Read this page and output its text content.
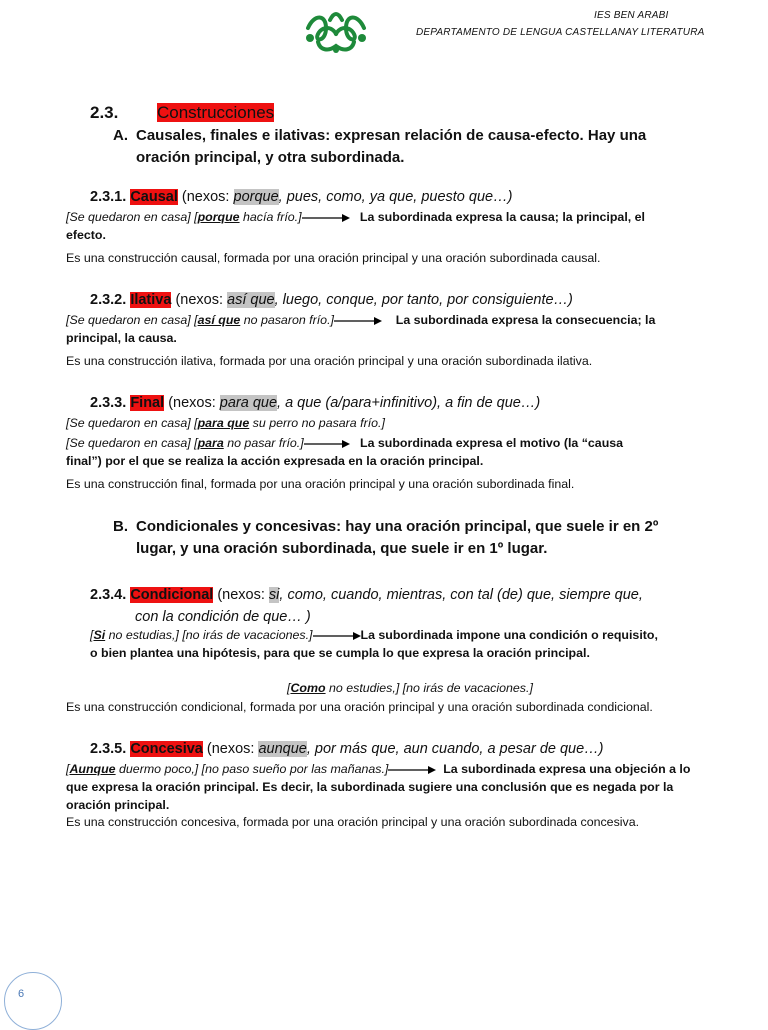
IES BEN ARABI
DEPARTAMENTO DE LENGUA CASTELLANAY LITERATURA
2.3. Construcciones
A. Causales, finales e ilativas: expresan relación de causa-efecto. Hay una
oración principal, y otra subordinada.
2.3.1. Causal (nexos: porque, pues, como, ya que, puesto que…)
[Se quedaron en casa] [porque hacía frío.]	La subordinada expresa la causa; la principal, el
efecto.
Es una construcción causal, formada por una oración principal y una oración subordinada causal.
2.3.2. Ilativa (nexos: así que, luego, conque, por tanto, por consiguiente…)
[Se quedaron en casa] [así que no pasaron frío.]	La subordinada expresa la consecuencia; la
principal, la causa.
Es una construcción ilativa, formada por una oración principal y una oración subordinada ilativa.
2.3.3. Final (nexos: para que, a que (a/para+infinitivo), a fin de que…)
[Se quedaron en casa] [para que su perro no pasara frío.]
[Se quedaron en casa] [para no pasar frío.]	La subordinada expresa el motivo (la “causa
final”) por el que se realiza la acción expresada en la oración principal.
Es una construcción final, formada por una oración principal y una oración subordinada final.
B. Condicionales y concesivas: hay una oración principal, que suele ir en 2º
lugar, y una oración subordinada, que suele ir en 1º lugar.
2.3.4. Condicional (nexos: si, como, cuando, mientras, con tal (de) que, siempre que,
con la condición de que… )
[Si no estudias,] [no irás de vacaciones.]	La subordinada impone una condición o requisito,
o bien plantea una hipótesis, para que se cumpla lo que expresa la oración principal.
[Como no estudies,] [no irás de vacaciones.]
Es una construcción condicional, formada por una oración principal y una oración subordinada condicional.
2.3.5. Concesiva (nexos: aunque, por más que, aun cuando, a pesar de que…)
[Aunque duermo poco,] [no paso sueño por las mañanas.]	La subordinada expresa una objeción a lo que expresa la oración principal. Es decir, la subordinada sugiere una conclusión que es negada por la oración principal.
Es una construcción concesiva, formada por una oración principal y una oración subordinada concesiva.
6
